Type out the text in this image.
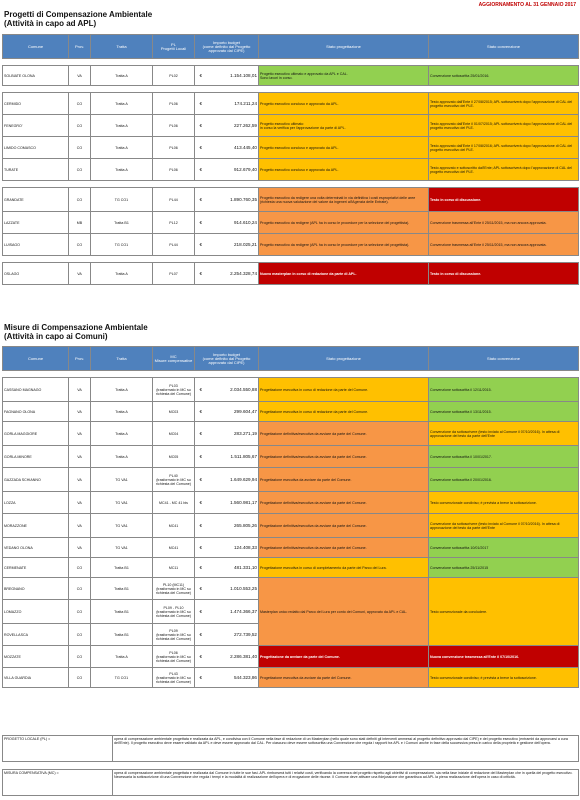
AGGIORNAMENTO AL 31 GENNAIO 2017
Progetti di Compensazione Ambientale
(Attività in capo ad APL)
Comune	Prov.	Tratta	PL
Progetti Locali	Importo budget
(come definito dal Progetto
approvato dal CIPE)		Stato progettazione	Stato convenzione

SOLBIATE OLONA	VA	Tratta A	PL02	€	1.154.108,01	Progetto esecutivo ultimato e approvato da APL e CAL.
Sono lavori in corso.	Convenzione sottoscritta 25/01/2016.

CERMIDO	CO	Tratta A	PL06	€	174.211,24	Progetto esecutivo concluso e approvato da APL.	Testo approvato dall'Ente il 27/08/2015; APL sottoscriverà dopo l'approvazione di CAL del progetto esecutivo del PLE.
FENEGRO'	CO	Tratta A	PL06	€	227.262,59	Progetto esecutivo ultimato
in corso la verifica per l'approvazione da parte di APL.	Testo approvato dall'Ente il 01/07/2015; APL sottoscriverà dopo l'approvazione di CAL del progetto esecutivo del PLE.
LIMIDO COMASCO	CO	Tratta A	PL06	€	413.445,40	Progetto esecutivo concluso e approvato da APL.	Testo approvato dall'Ente il 17/08/2016; APL sottoscriverà dopo l'approvazione di CAL del progetto esecutivo del PLE.
TURATE	CO	Tratta A	PL06	€	912.679,40	Progetto esecutivo concluso e approvato da APL.	Testo approvato e sottoscritto dall'Ente; APL sottoscriverà dopo l'approvazione di CAL del progetto esecutivo del PLE.

GRANDATE	CO	TG CO1	PL44	€	1.890.760,35	Progetto esecutivo da redigere una volta determinati in via definitiva i costi espropriativi delle aree (richiesta una nuova valutazione del valore da ingeneri all'Agenzia delle Entrate).	Testo in corso di discussione.
LAZZATE	MB	Tratta B1	PL12	€	914.610,24	Progetto esecutivo da redigere (APL ha in corso le procedure per la selezione del progettista).	Convenzione trasmessa all'Ente il 25/11/2015, ma non ancora approvata.
LUISAGO	CO	TG CO1	PL44	€	218.025,21	Progetto esecutivo da redigere (APL ha in corso le procedure per la selezione del progettista).	Convenzione trasmessa all'Ente il 25/11/2015, ma non ancora approvata.

OSLAGO	VA	Tratta A	PL07	€	2.254.328,74	Nuovo masterplan in corso di redazione da parte di APL.	Testo in corso di discussione.
Misure di Compensazione Ambientale
(Attività in capo ai Comuni)
Comune	Prov.	Tratta	MC
Misure compensative	Importo budget
(come definito dal Progetto
approvato dal CIPE)		Stato progettazione	Stato convenzione

CASSANO MAGNAGO	VA	Tratta A	PL03
(trasformato in MC su richiesta del Comune)	€	2.034.550,88	Progettazione esecutiva in corso di redazione da parte del Comune.	Convenzione sottoscritta il 12/11/2015.
FAGNANO OLONA	VA	Tratta A	MC03	€	299.604,47	Progettazione esecutiva in corso di redazione da parte del Comune.	Convenzione sottoscritta il 13/11/2015.
GORLA MAGGIORE	VA	Tratta A	MC04	€	283.271,19	Progettazione definitiva/esecutiva da avviare da parte del Comune.	Convenzione da sottoscrivere (testo inviato al Comune il 07/10/2016). In attesa di approvazione del testo da parte dell'Ente
GORLA MINORE	VA	Tratta A	MC05	€	1.511.805,67	Progettazione definitiva/esecutiva da avviare da parte del Comune.	Convenzione sottoscritta il 10/01/2017.
GAZZADA SCHIANNO	VA	TG VA1	PL40
(trasformato in MC su richiesta del Comune)	€	1.649.629,94	Progettazione esecutiva da avviare da parte del Comune.	Convenzione sottoscritta il 20/01/2016.
LOZZA	VA	TG VA1	MC41 - MC 41 bis	€	1.560.981,17	Progettazione definitiva/esecutiva da avviare da parte del Comune.	Testo convenzionale condiviso; è prevista a breve la sottoscrizione.
MORAZZONE	VA	TG VA1	MC41	€	265.805,26	Progettazione definitiva/esecutiva da avviare da parte del Comune.	Convenzione da sottoscrivere (testo inviato al Comune il 07/10/2016). In attesa di approvazione del testo da parte dell'Ente
VEDANO OLONA	VA	TG VA1	MC41	€	124.408,33	Progettazione definitiva/esecutiva da avviare da parte del Comune.	Convenzione sottoscritta 10/01/2017
CERMENATE	CO	Tratta B1	MC11	€	481.331,10	Progettazione esecutiva in corso di completamento da parte del Parco del Lura.	Convenzione sottoscritta 25/11/2015
BREGNANO	CO	Tratta B1	PL10 (MC11)
(trasformato in MC su richiesta del Comune)	€	1.010.553,25	Masterplan unico redatto dal Parco del Lura per conto dei Comuni, approvato da APL e CAL.	Testo convenzionale da concludere.
LOMAZZO	CO	Tratta B1	PL09 - PL10 (trasformato in MC su richiesta del Comune)	€	1.474.366,37		
ROVELLASCA	CO	Tratta B1	PL09
(trasformato in MC su richiesta del Comune)	€	272.739,52		
MOZZATE	CO	Tratta A	PL06
(trasformato in MC su richiesta del Comune)	€	2.286.381,40	Progettazione da avviare da parte del Comune.	Nuova convenzione trasmessa all'Ente il 07/10/2016.
VILLA GUARDIA	CO	TG CO1	PL43
(trasformato in MC su richiesta del Comune)	€	544.323,86	Progettazione esecutiva da avviare da parte del Comune.	Testo convenzionale condiviso; è prevista a breve la sottoscrizione.
PROGETTO LOCALE (PL) =	opera di compensazione ambientale progettata e realizzata da APL, e condivisa con il Comune nella fase di redazione di un Masterplan (nello quale sono stati definiti gli interventi ammessi al progetto definitivo approvato dal CIPE) e del progetto esecutivo (entrambi da approvarsi a cura dell'Ente). Il progetto esecutivo deve essere validato da APL e deve essere approvato dal CAL. Per ciascuno deve essere sottoscritta una Convenzione che regola i rapporti tra APL e i Comuni anche in fase della successiva presa in carico della proprietà e gestione dell'opera.

MISURA COMPENSATIVA (MC) =	opera di compensazione ambientale progettata e realizzata dal Comune in tutte le sue fasi. APL rimborserà tutti i relativi costi, verificando la coerenza del progetto rispetto agli obiettivi di compensazione, sia nella fase iniziale di redazione del Masterplan che in quella del progetto esecutivo. Necessaria la sottoscrizione di una Convenzione che regola i tempi e la modalità di realizzazione dell'opera e di erogazione delle risorse. Il Comune deve attivare una fidejussione che garantisca ad APL la piena realizzazione dell'opera in caso di criticità.
